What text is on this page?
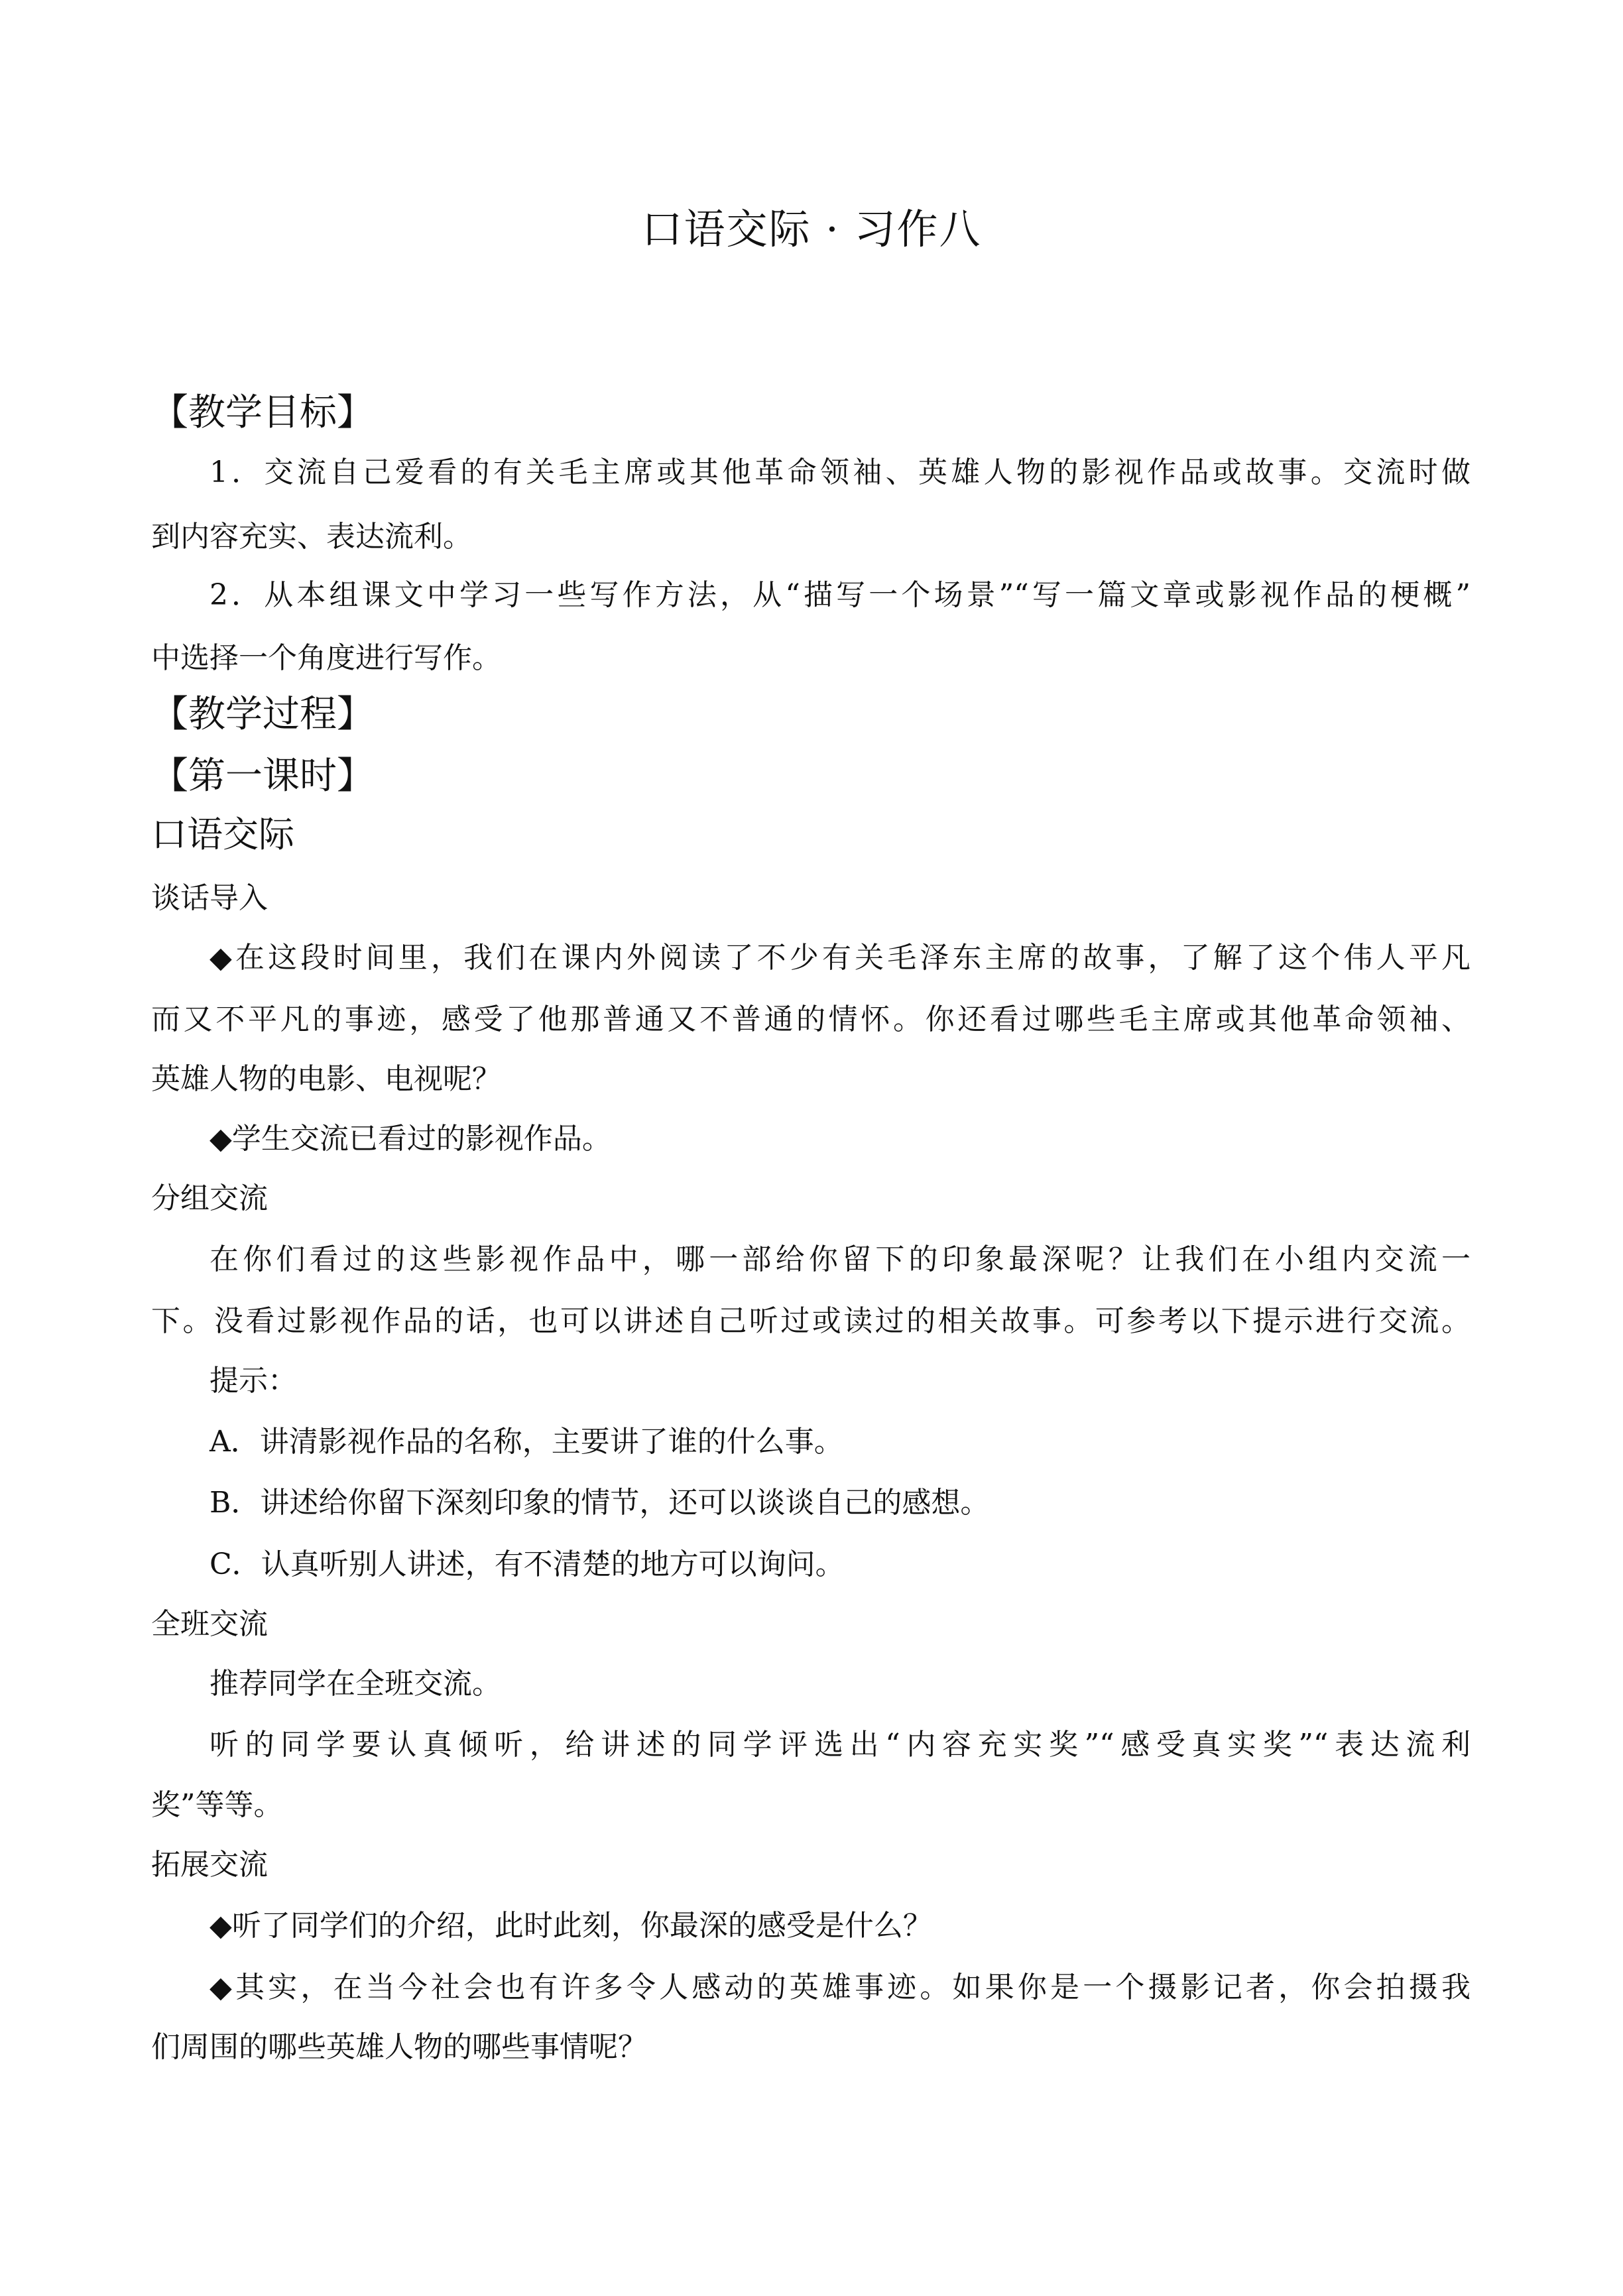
口语交际 · 习作八
【教学目标】
1．交流自己爱看的有关毛主席或其他革命领袖、英雄人物的影视作品或故事。交流时做
到内容充实、表达流利。
2．从本组课文中学习一些写作方法，从“描写一个场景”“写一篇文章或影视作品的梗概”
中选择一个角度进行写作。
【教学过程】
【第一课时】
口语交际
谈话导入
◆在这段时间里，我们在课内外阅读了不少有关毛泽东主席的故事，了解了这个伟人平凡
而又不平凡的事迹，感受了他那普通又不普通的情怀。你还看过哪些毛主席或其他革命领袖、
英雄人物的电影、电视呢？
◆学生交流已看过的影视作品。
分组交流
在你们看过的这些影视作品中，哪一部给你留下的印象最深呢？让我们在小组内交流一
下。没看过影视作品的话，也可以讲述自己听过或读过的相关故事。可参考以下提示进行交流。
提示：
A．讲清影视作品的名称，主要讲了谁的什么事。
B．讲述给你留下深刻印象的情节，还可以谈谈自己的感想。
C．认真听别人讲述，有不清楚的地方可以询问。
全班交流
推荐同学在全班交流。
听的同学要认真倾听，给讲述的同学评选出“内容充实奖”“感受真实奖”“表达流利
奖”等等。
拓展交流
◆听了同学们的介绍，此时此刻，你最深的感受是什么？
◆其实，在当今社会也有许多令人感动的英雄事迹。如果你是一个摄影记者，你会拍摄我
们周围的哪些英雄人物的哪些事情呢？
